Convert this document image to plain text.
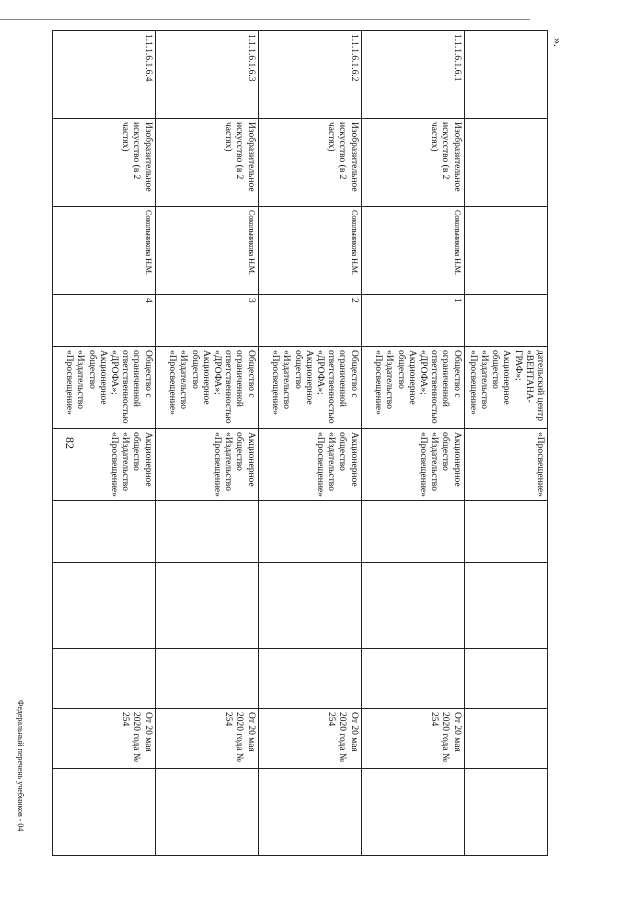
82
».
Федеральный перечень учебников - 04

				дательский центр «ВЕНТАНА-ГРАФ»; Акционерное общество «Издательство «Просвещение»	«Просвещение»					

1.1.1.6.1.6.1	Изобразительное искусство (в 2 частях)	Сокольникова Н.М.	1	Общество с ограниченной ответственностью «ДРОФА»; Акционерное общество «Издательство «Просвещение»	Акционерное общество «Издательство «Просвещение»				От 20 мая 2020 года № 254	

1.1.1.6.1.6.2	Изобразительное искусство (в 2 частях)	Сокольникова Н.М.	2	Общество с ограниченной ответственностью «ДРОФА»; Акционерное общество «Издательство «Просвещение»	Акционерное общество «Издательство «Просвещение»				От 20 мая 2020 года № 254	

1.1.1.6.1.6.3	Изобразительное искусство (в 2 частях)	Сокольникова Н.М.	3	Общество с ограниченной ответственностью «ДРОФА»; Акционерное общество «Издательство «Просвещение»	Акционерное общество «Издательство «Просвещение»				От 20 мая 2020 года № 254	

1.1.1.6.1.6.4	Изобразительное искусство (в 2 частях)	Сокольникова Н.М.	4	Общество с ограниченной ответственностью «ДРОФА»; Акционерное общество «Издательство «Просвещение»	Акционерное общество «Издательство «Просвещение»				От 20 мая 2020 года № 254	
